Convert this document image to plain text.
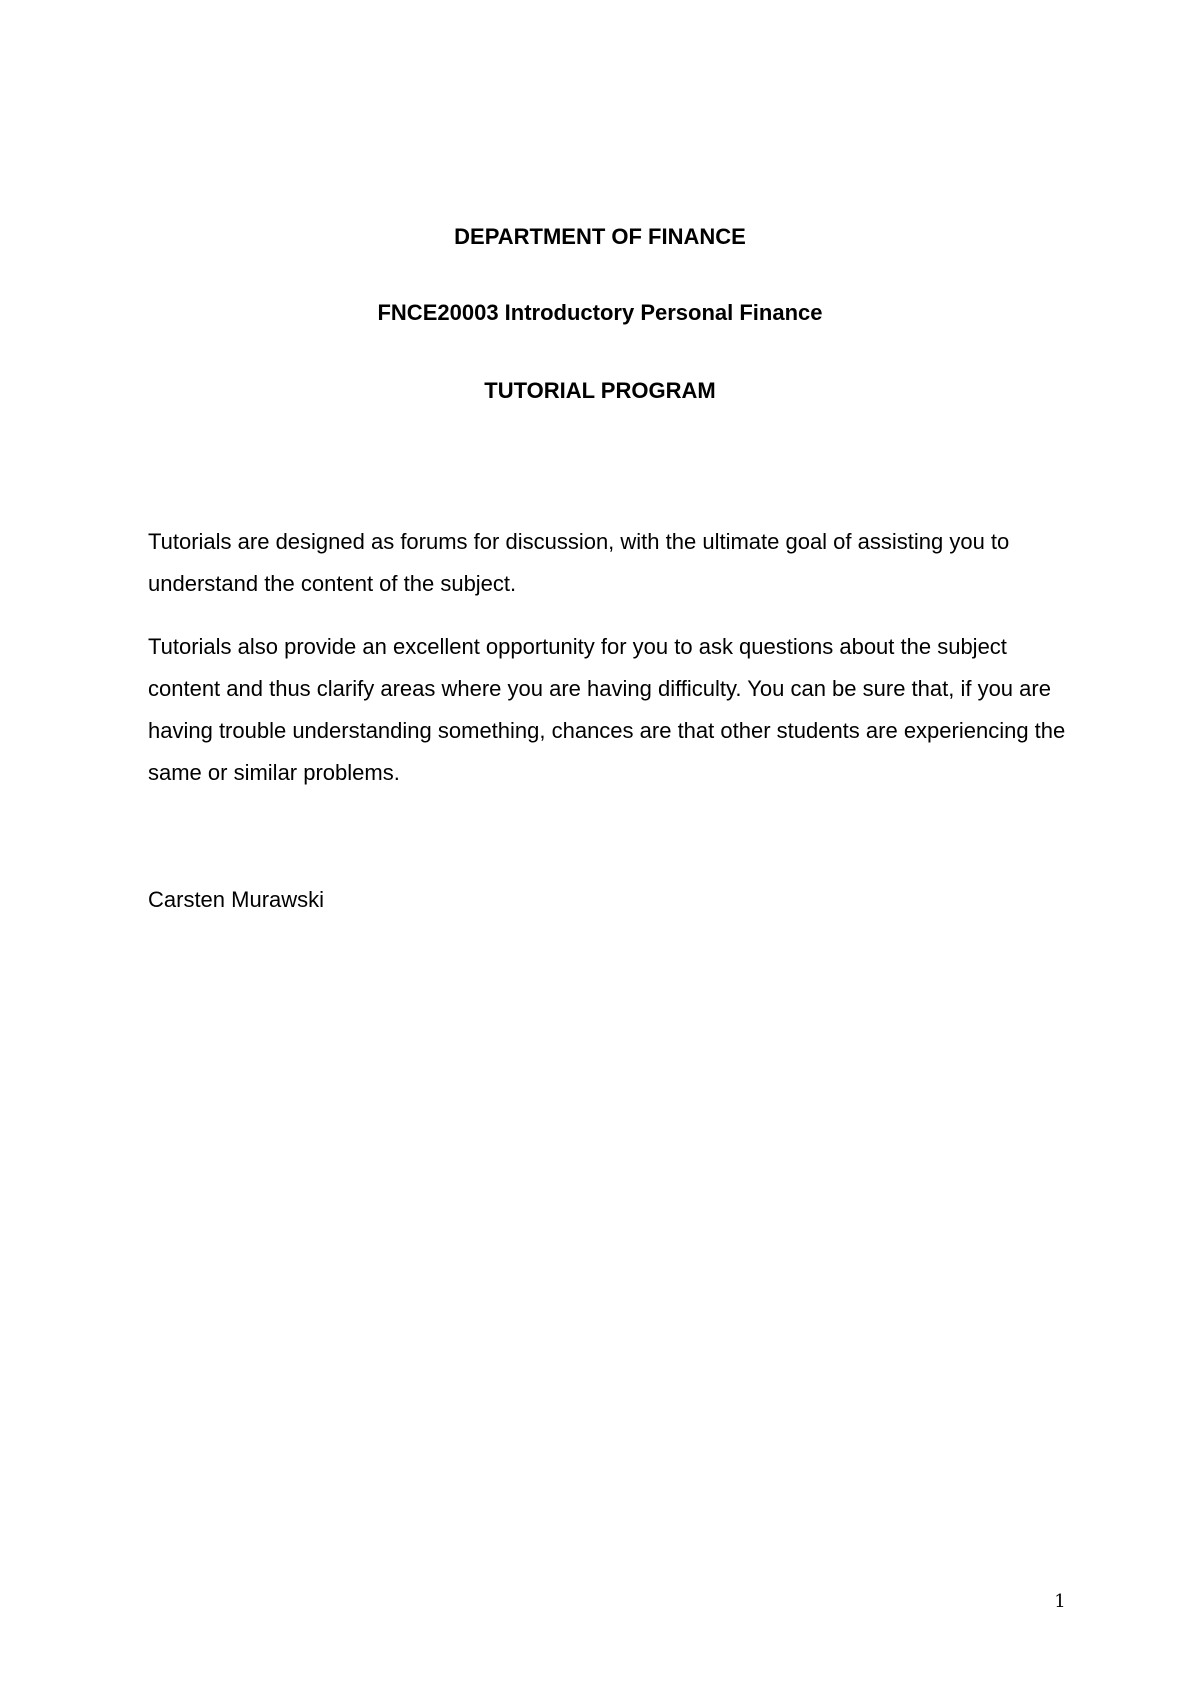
DEPARTMENT OF FINANCE
FNCE20003 Introductory Personal Finance
TUTORIAL PROGRAM

Tutorials are designed as forums for discussion, with the ultimate goal of assisting you to understand the content of the subject.

Tutorials also provide an excellent opportunity for you to ask questions about the subject content and thus clarify areas where you are having difficulty. You can be sure that, if you are having trouble understanding something, chances are that other students are experiencing the same or similar problems.

Carsten Murawski

1
